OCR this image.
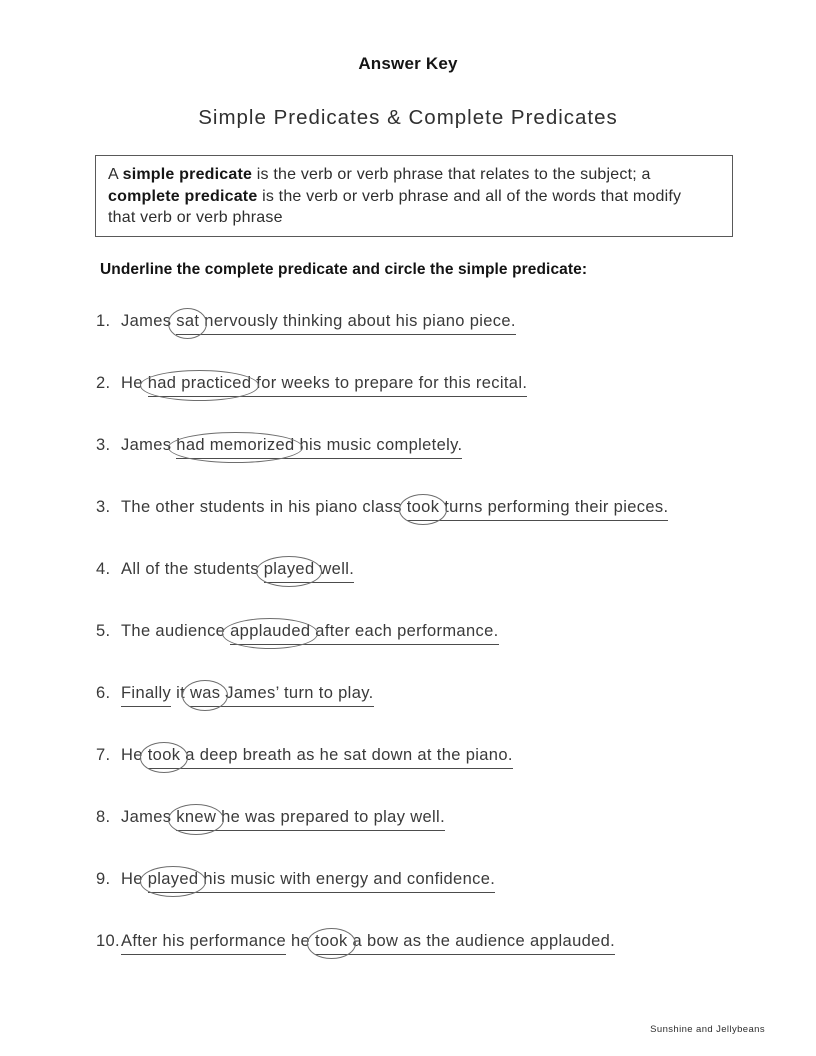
Answer Key
Simple Predicates & Complete Predicates
A simple predicate is the verb or verb phrase that relates to the subject; a
complete predicate is the verb or verb phrase and all of the words that modify
that verb or verb phrase
Underline the complete predicate and circle the simple predicate:
1. James sat
nervously thinking about his piano piece.
2. He had practiced
for weeks to prepare for this recital.
3. James had memorized
his music completely.
3. The other students in his piano class took
turns performing their pieces.
4. All of the students played
well.
5. The audience applauded
after each performance.
6. Finally it was
James’ turn to play.
7. He took
a deep breath as he sat down at the piano.
8. James knew
he was prepared to play well.
9. He played
his music with energy and confidence.
10.After his performance he took
a bow as the audience applauded.
Sunshine and Jellybeans
